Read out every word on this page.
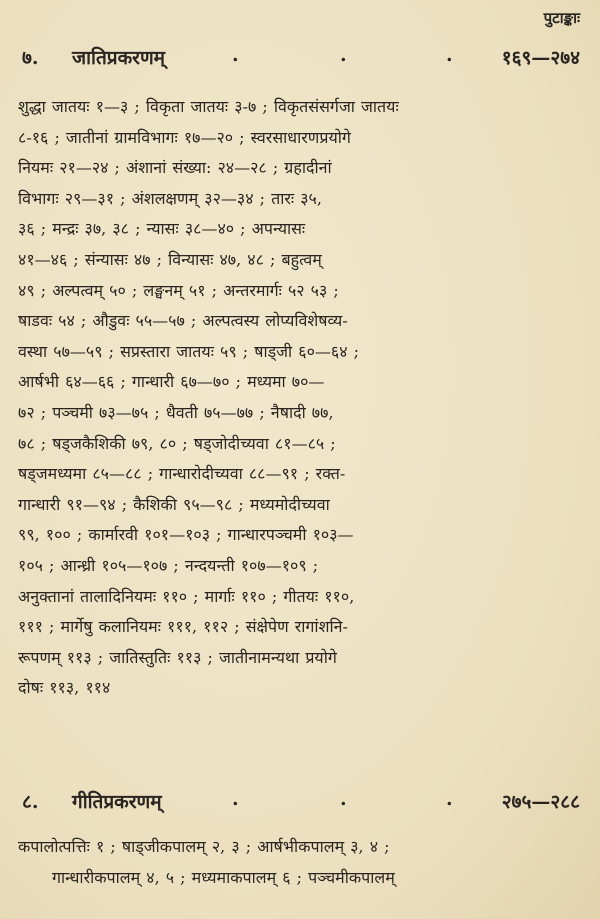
पुटाङ्काः
७. जातिप्रकरणम्	.	.	.	१६९—२७४
शुद्धा जातयः १—३ ; विकृता जातयः ३-७ ; विकृतसंसर्गजा जातयः
८-१६ ; जातीनां ग्रामविभागः १७—२० ; स्वरसाधारणप्रयोगे
नियमः २१—२४ ; अंशानां संख्या: २४—२८ ; ग्रहादीनां
विभागः २९—३१ ; अंशलक्षणम् ३२—३४ ; तारः ३५,
३६ ; मन्द्रः ३७, ३८ ; न्यासः ३८—४० ; अपन्यासः
४१—४६ ; संन्यासः ४७ ; विन्यासः ४७, ४८ ; बहुत्वम्
४९ ; अल्पत्वम् ५० ; लङ्घनम् ५१ ; अन्तरमार्गः ५२ ५३ ;
षाडवः ५४ ; औडुवः ५५—५७ ; अल्पत्वस्य लोप्यविशेषव्य-
वस्था ५७—५९ ; सप्रस्तारा जातयः ५९ ; षाड्जी ६०—६४ ;
आर्षभी ६४—६६ ; गान्धारी ६७—७० ; मध्यमा ७०—
७२ ; पञ्चमी ७३—७५ ; धैवती ७५—७७ ; नैषादी ७७,
७८ ; षड्जकैशिकी ७९, ८० ; षड्जोदीच्यवा ८१—८५ ;
षड्जमध्यमा ८५—८८ ; गान्धारोदीच्यवा ८८—९१ ; रक्त-
गान्धारी ९१—९४ ; कैशिकी ९५—९८ ; मध्यमोदीच्यवा
९९, १०० ; कार्मारवी १०१—१०३ ; गान्धारपञ्चमी १०३—
१०५ ; आन्ध्री १०५—१०७ ; नन्दयन्ती १०७—१०९ ;
अनुक्तानां तालादिनियमः ११० ; मार्गाः ११० ; गीतयः ११०,
१११ ; मार्गेषु कलानियमः १११, ११२ ; संक्षेपेण रागांशनि-
रूपणम् ११३ ; जातिस्तुतिः ११३ ; जातीनामन्यथा प्रयोगे
दोषः ११३, ११४
८. गीतिप्रकरणम्	.	.	.	२७५—२८८
कपालोत्पत्तिः १ ; षाड्जीकपालम् २, ३ ; आर्षभीकपालम् ३, ४ ;
गान्धारीकपालम् ४, ५ ; मध्यमाकपालम् ६ ; पञ्चमीकपालम्
